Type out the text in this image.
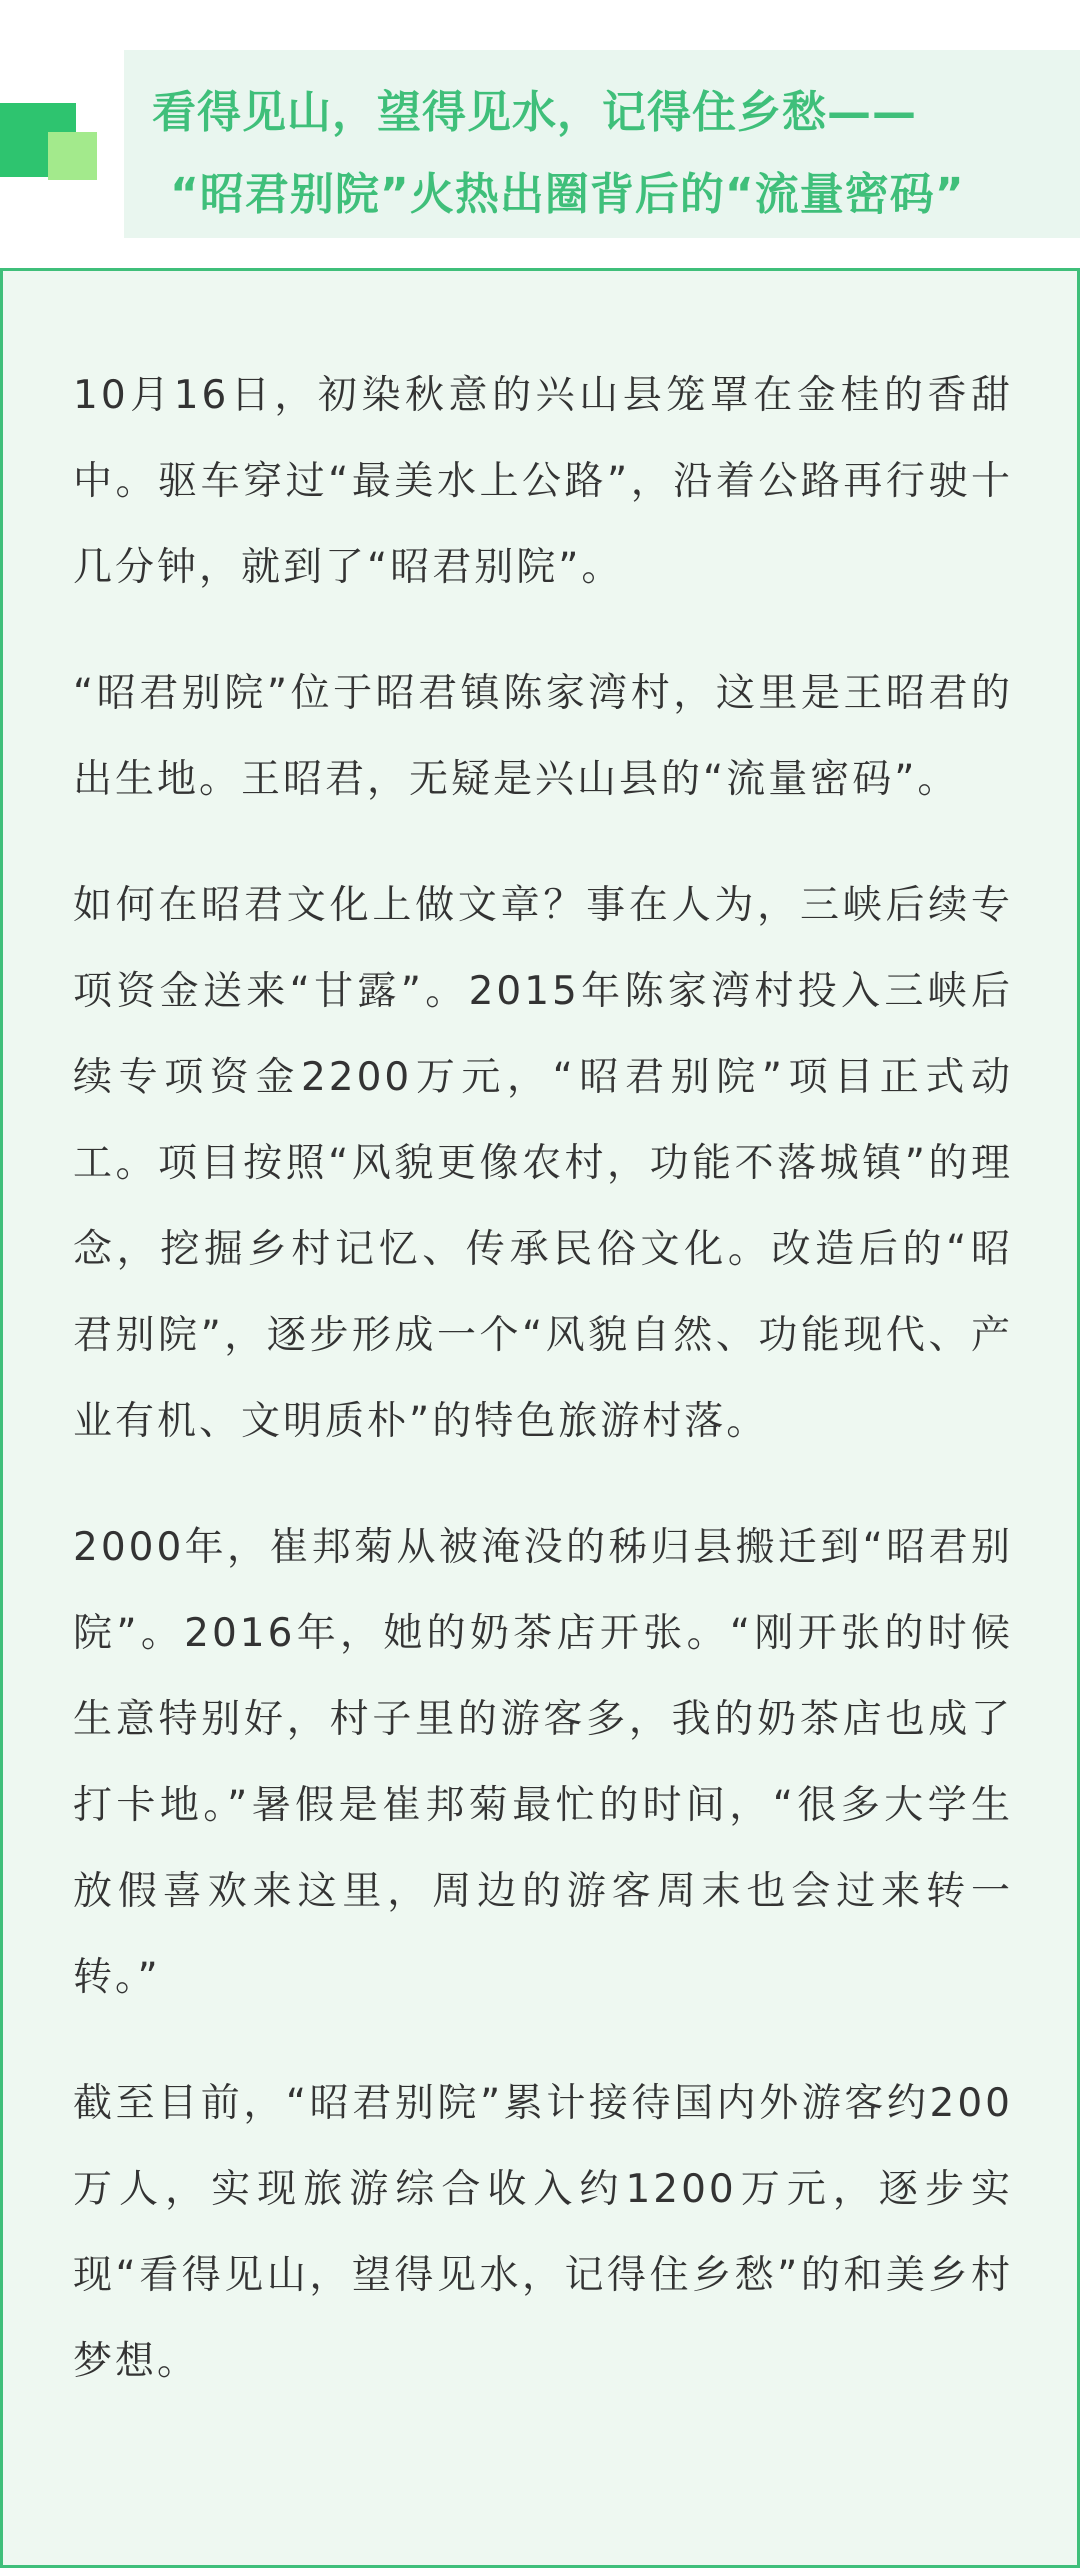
看得见山，望得见水，记得住乡愁——
“昭君别院”火热出圈背后的“流量密码”

10月16日，初染秋意的兴山县笼罩在金桂的香甜中。驱车穿过“最美水上公路”，沿着公路再行驶十几分钟，就到了“昭君别院”。

“昭君别院”位于昭君镇陈家湾村，这里是王昭君的出生地。王昭君，无疑是兴山县的“流量密码”。

如何在昭君文化上做文章？事在人为，三峡后续专项资金送来“甘露”。2015年陈家湾村投入三峡后续专项资金2200万元，“昭君别院”项目正式动工。项目按照“风貌更像农村，功能不落城镇”的理念，挖掘乡村记忆、传承民俗文化。改造后的“昭君别院”，逐步形成一个“风貌自然、功能现代、产业有机、文明质朴”的特色旅游村落。

2000年，崔邦菊从被淹没的秭归县搬迁到“昭君别院”。2016年，她的奶茶店开张。“刚开张的时候生意特别好，村子里的游客多，我的奶茶店也成了打卡地。”暑假是崔邦菊最忙的时间，“很多大学生放假喜欢来这里，周边的游客周末也会过来转一转。”

截至目前，“昭君别院”累计接待国内外游客约200万人，实现旅游综合收入约1200万元，逐步实现“看得见山，望得见水，记得住乡愁”的和美乡村梦想。
